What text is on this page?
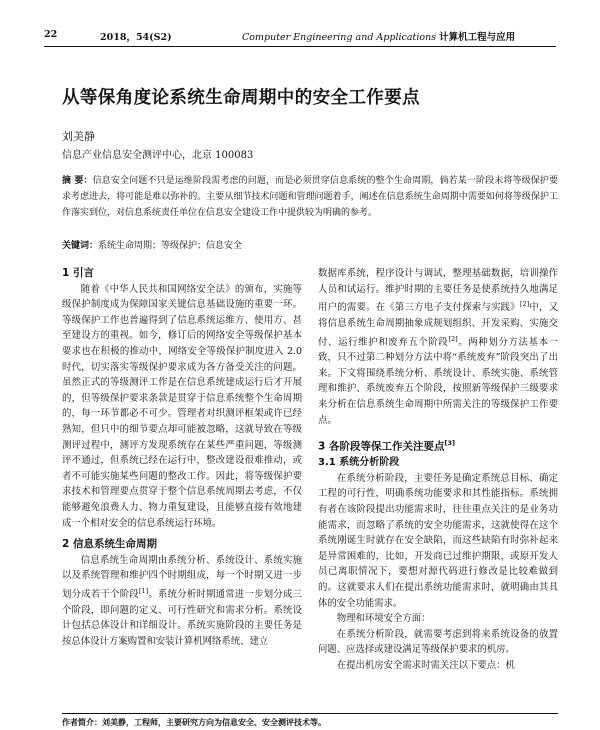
22	2018，54(S2)	Computer Engineering and Applications 计算机工程与应用
从等保角度论系统生命周期中的安全工作要点
刘美静
信息产业信息安全测评中心，北京 100083
摘 要：信息安全问题不只是运维阶段需考虑的问题，而是必须贯穿信息系统的整个生命周期，倘若某一阶段未将等级保护要求考虑进去，将可能是难以弥补的。主要从细节技术问题和管理问题着手，阐述在信息系统生命周期中需要如何将等级保护工作落实到位，对信息系统责任单位在信息安全建设工作中提供较为明确的参考。
关键词：系统生命周期；等级保护；信息安全
1 引言

随着《中华人民共和国网络安全法》的颁布，实施等级保护制度成为保障国家关键信息基础设施的重要一环。等级保护工作也普遍得到了信息系统运维方、使用方、甚至建设方的重视。如今，修订后的网络安全等级保护基本要求也在积极的推动中，网络安全等级保护制度进入 2.0 时代，切实落实等级保护要求成为各方备受关注的问题。虽然正式的等级测评工作是在信息系统建成运行后才开展的，但等级保护要求条款是贯穿于信息系统整个生命周期的，每一环节都必不可少。管理者对织测评框架或许已经熟知，但只中的细节要点却可能被忽略，这就导致在等级测评过程中，测评方发现系统存在某些严重问题，等级测评不通过，但系统已经在运行中，整改建设很难推动，或者不可能实施某些问题的整改工作。因此，将等级保护要求技术和管理要点贯穿于整个信息系统周期去考虑，不仅能够避免浪费人力、物力重复建设，且能够直接有效地建成一个相对安全的信息系统运行环境。

2 信息系统生命周期

信息系统生命周期由系统分析、系统设计、系统实施以及系统管理和维护四个时期组成，每一个时期又进一步划分成若干个阶段[1]。系统分析时期通常进一步划分成三个阶段，即问题的定义、可行性研究和需求分析。系统设计包括总体设计和详细设计。系统实施阶段的主要任务是按总体设计方案购置和安装计算机网络系统、建立

数据库系统，程序设计与调试，整理基础数据，培训操作人员和试运行。维护时期的主要任务是使系统持久地满足用户的需要。在《第三方电子支付探索与实践》[2]中，又将信息系统生命周期抽象成规划组织、开发采购、实施交付、运行维护和废弃五个阶段[2]。两种划分方法基本一致，只不过第二种划分方法中将“系统废弃”阶段突出了出来。下文将围绕系统分析、系统设计、系统实施、系统管理和维护、系统废弃五个阶段，按照新等级保护三级要求来分析在信息系统生命周期中所需关注的等级保护工作要点。

3 各阶段等保工作关注要点[3]
3.1 系统分析阶段

在系统分析阶段，主要任务是确定系统总目标、确定工程的可行性，明确系统功能要求和其性能指标。系统拥有者在该阶段提出功能需求时，往往重点关注的是业务功能需求，而忽略了系统的安全功能需求，这就使得在这个系统刚诞生时就存在安全缺陷，而这些缺陷有时弥补起来是异常困难的，比如，开发商已过维护期限，或原开发人员已离职情况下，要想对源代码进行修改是比较难做到的。这就要求人们在提出系统功能需求时，就明确由其具体的安全功能需求。

物理和环境安全方面：

在系统分析阶段，就需要考虑到将来系统设备的放置问题、应选择或建设满足等级保护要求的机房。

在提出机房安全需求时需关注以下要点：机

作者简介：刘美静，工程师，主要研究方向为信息安全、安全测评技术等。
